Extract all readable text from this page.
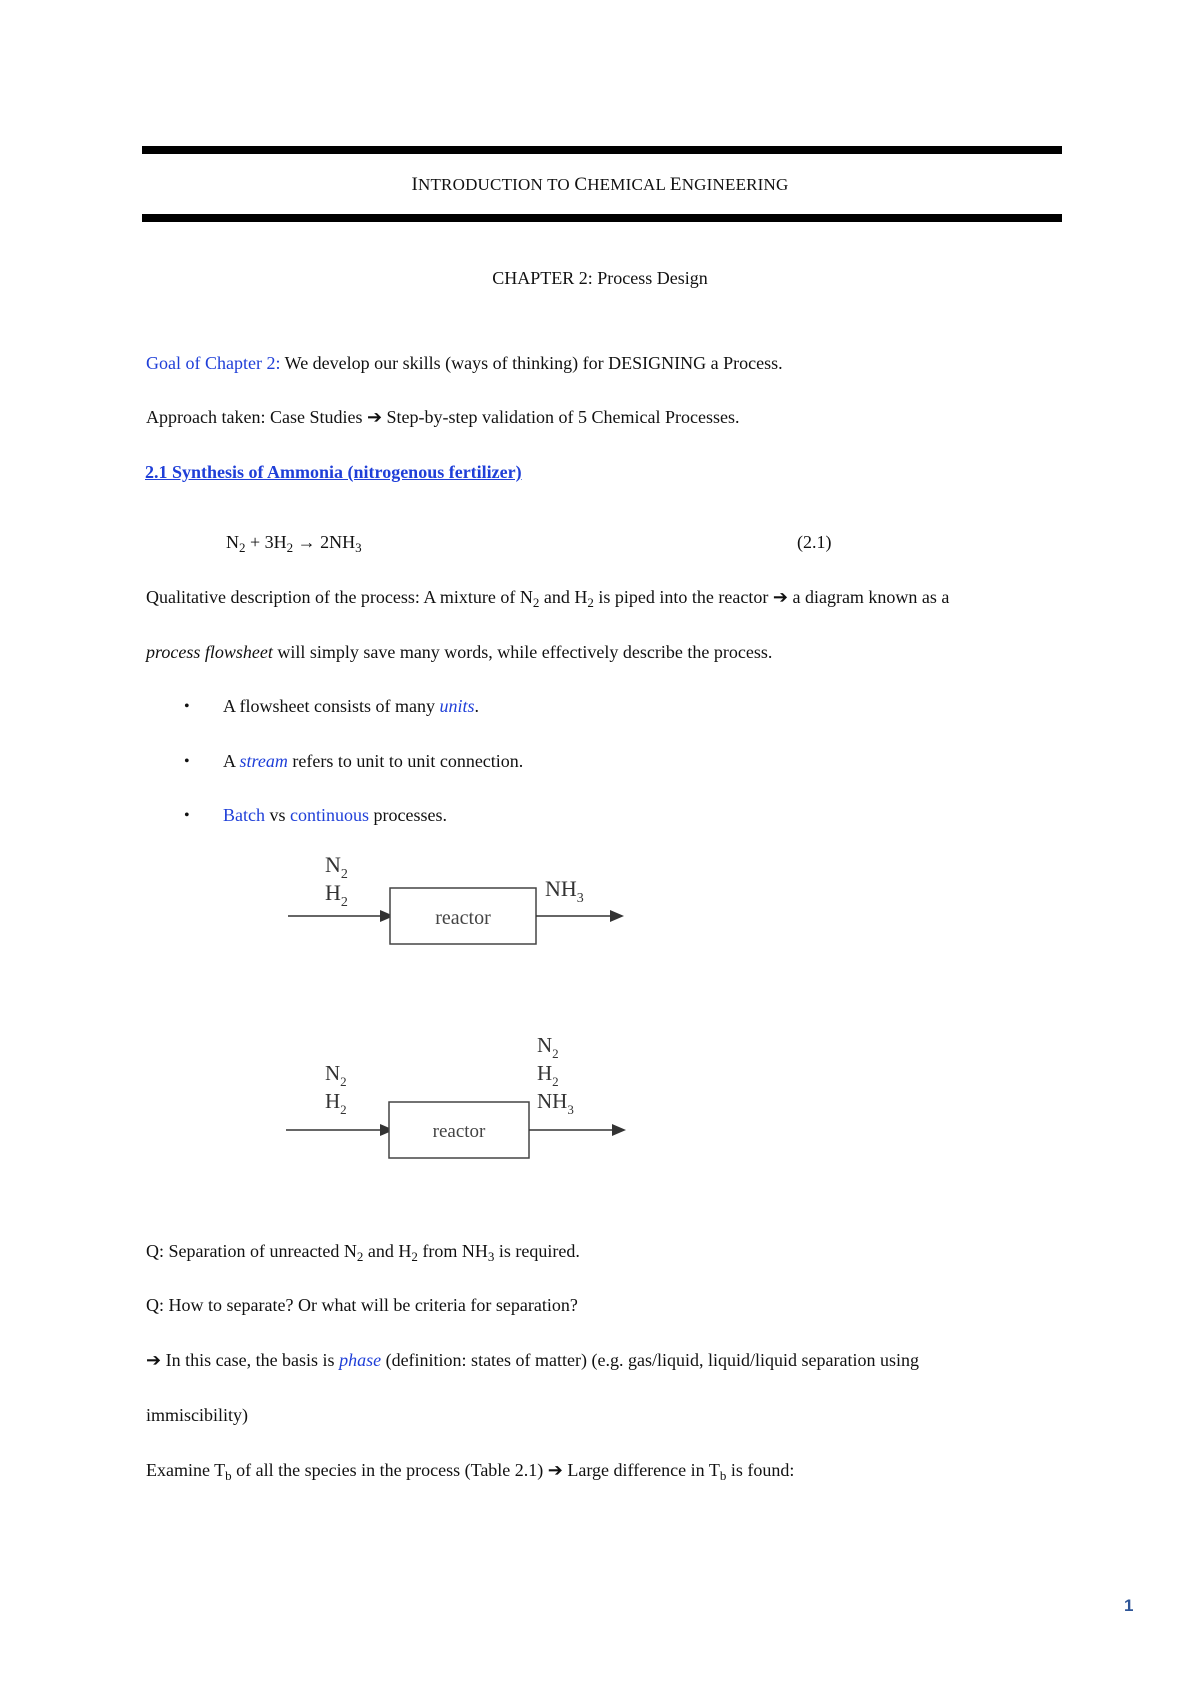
INTRODUCTION TO CHEMICAL ENGINEERING
CHAPTER 2: Process Design
Goal of Chapter 2: We develop our skills (ways of thinking) for DESIGNING a Process.
Approach taken: Case Studies ➔ Step-by-step validation of 5 Chemical Processes.
2.1 Synthesis of Ammonia (nitrogenous fertilizer)
$N_2 + 3H_2 \to 2NH_3$	(2.1)
Qualitative description of the process: A mixture of $N_2$ and $H_2$ is piped into the reactor ➔ a diagram known as a
process flowsheet will simply save many words, while effectively describe the process.
• A flowsheet consists of many units.
• A stream refers to unit to unit connection.
• Batch vs continuous processes.
$N_2$
$H_2$
reactor
$NH_3$
$N_2$
$N_2$	$H_2$
$H_2$	$NH_3$
reactor
Q: Separation of unreacted $N_2$ and $H_2$ from $NH_3$ is required.
Q: How to separate? Or what will be criteria for separation?
➔ In this case, the basis is phase (definition: states of matter) (e.g. gas/liquid, liquid/liquid separation using
immiscibility)
Examine $T_b$ of all the species in the process (Table 2.1) ➔ Large difference in $T_b$ is found:
1
